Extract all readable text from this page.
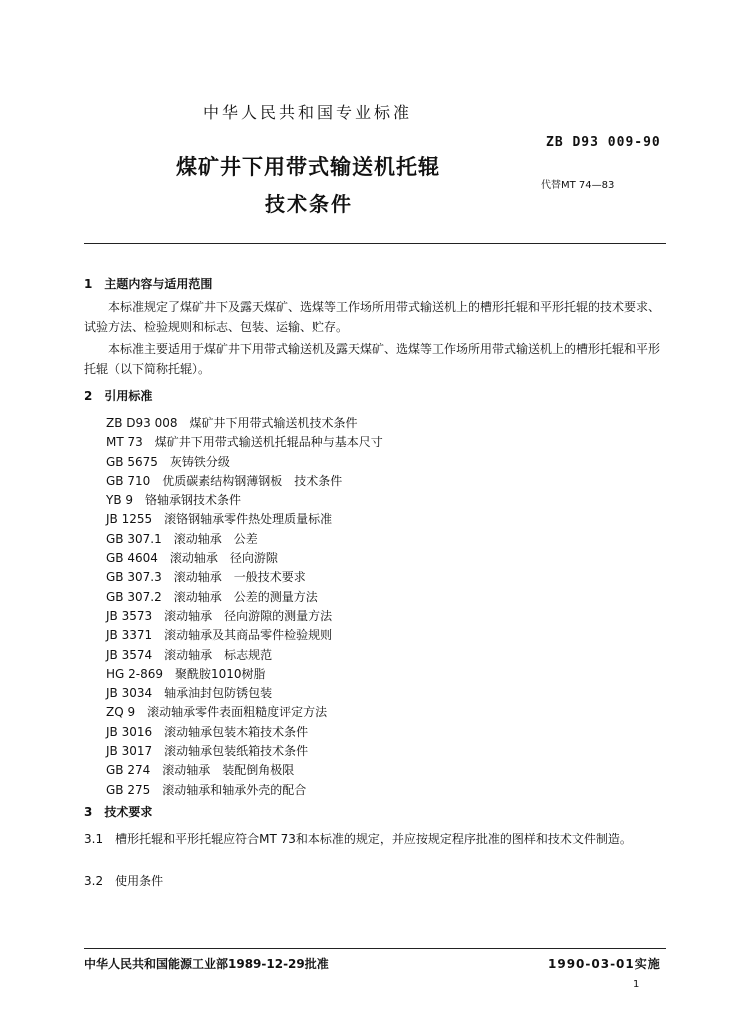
中华人民共和国专业标准
ZB D93 009-90
煤矿井下用带式输送机托辊
技术条件
代替MT 74—83
1　主题内容与适用范围
本标准规定了煤矿井下及露天煤矿、选煤等工作场所用带式输送机上的槽形托辊和平形托辊的技术要求、试验方法、检验规则和标志、包装、运输、贮存。
本标准主要适用于煤矿井下用带式输送机及露天煤矿、选煤等工作场所用带式输送机上的槽形托辊和平形托辊（以下简称托辊）。
2　引用标准
ZB D93 008 煤矿井下用带式输送机技术条件
MT 73 煤矿井下用带式输送机托辊品种与基本尺寸
GB 5675 灰铸铁分级
GB 710 优质碳素结构钢薄钢板　技术条件
YB 9 铬轴承钢技术条件
JB 1255 滚铬钢轴承零件热处理质量标准
GB 307.1 滚动轴承　公差
GB 4604 滚动轴承　径向游隙
GB 307.3 滚动轴承　一般技术要求
GB 307.2 滚动轴承　公差的测量方法
JB 3573 滚动轴承　径向游隙的测量方法
JB 3371 滚动轴承及其商品零件检验规则
JB 3574 滚动轴承　标志规范
HG 2-869 聚酰胺1010树脂
JB 3034 轴承油封包防锈包装
ZQ 9 滚动轴承零件表面粗糙度评定方法
JB 3016 滚动轴承包装木箱技术条件
JB 3017 滚动轴承包装纸箱技术条件
GB 274 滚动轴承　装配倒角极限
GB 275 滚动轴承和轴承外壳的配合
3　技术要求
3.1　槽形托辊和平形托辊应符合MT 73和本标准的规定，并应按规定程序批准的图样和技术文件制造。
3.2　使用条件
中华人民共和国能源工业部1989-12-29批准	1990-03-01实施
1
